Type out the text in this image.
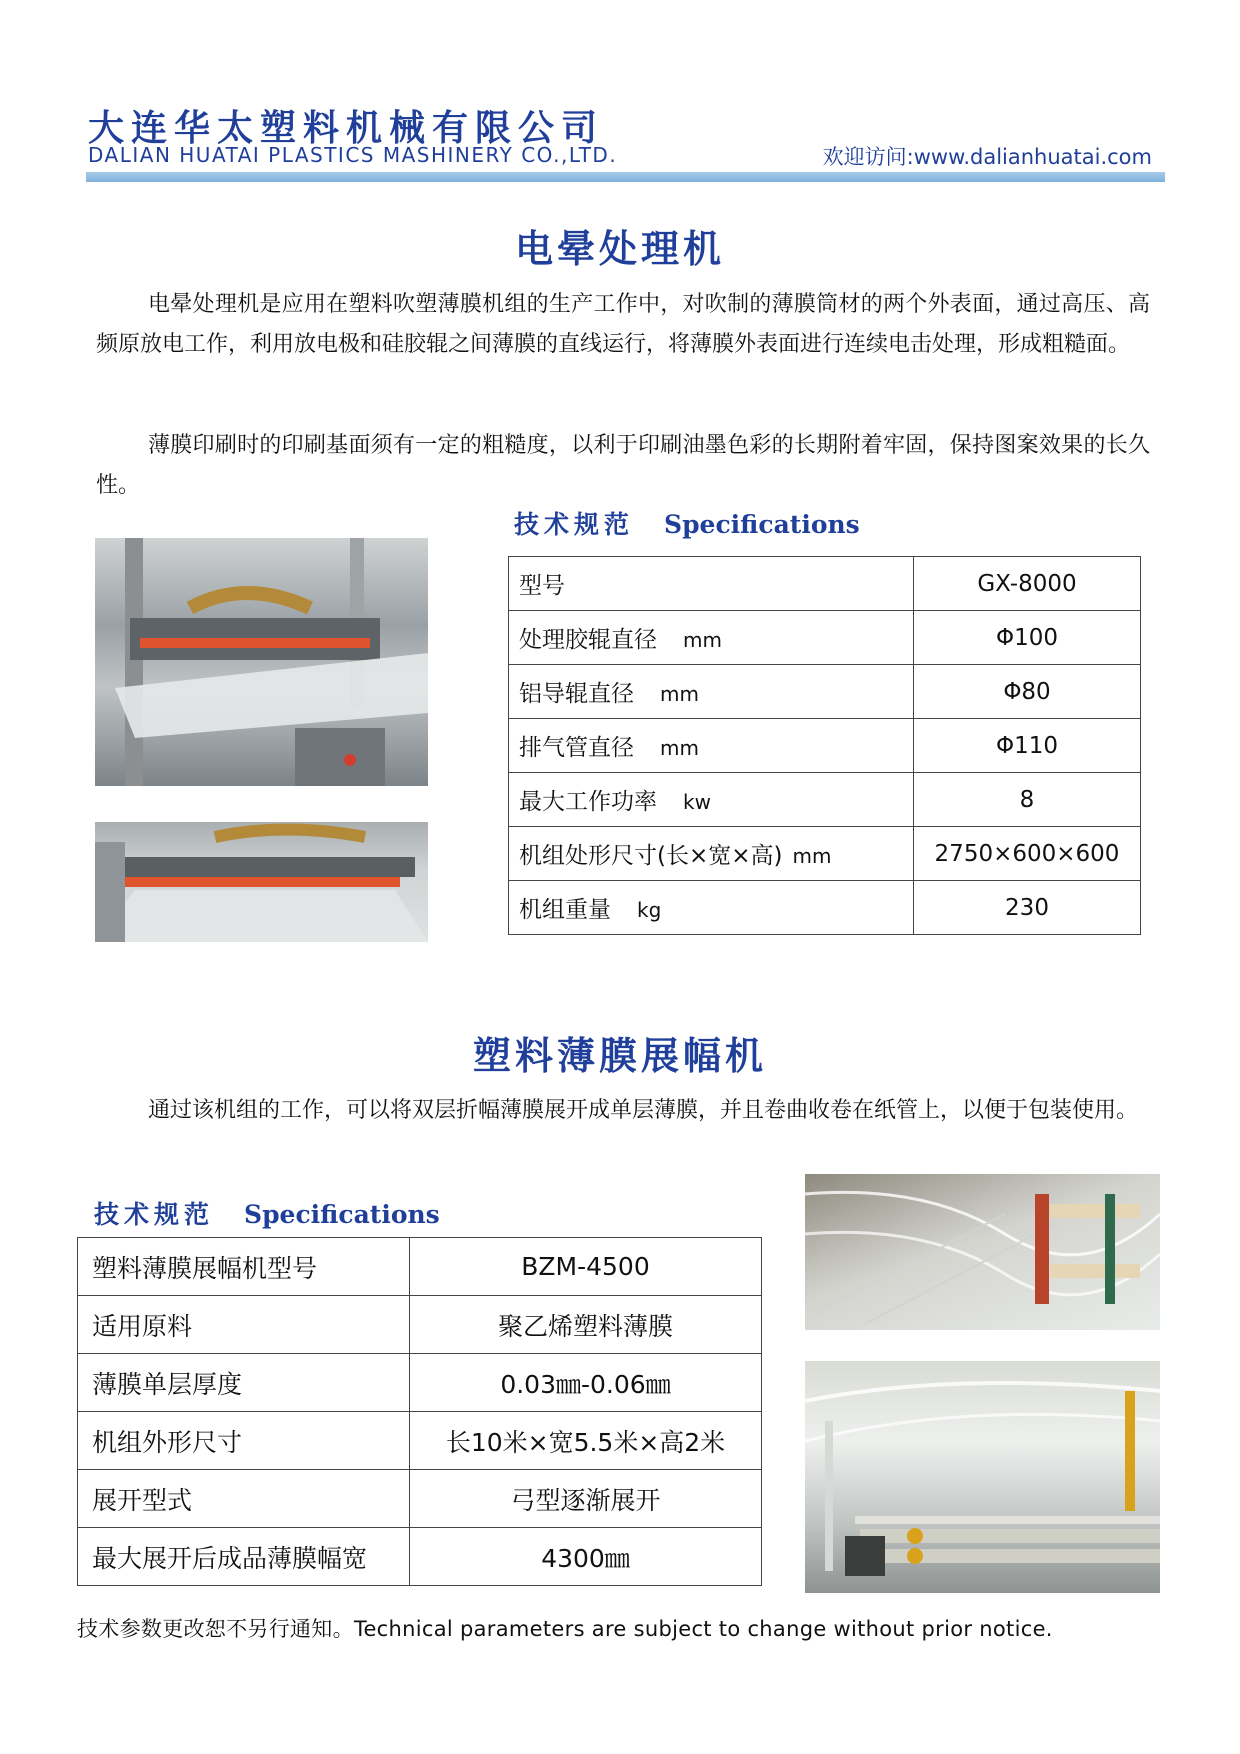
大连华太塑料机械有限公司
DALIAN HUATAI PLASTICS MASHINERY CO.,LTD.	欢迎访问:www.dalianhuatai.com
电晕处理机
电晕处理机是应用在塑料吹塑薄膜机组的生产工作中，对吹制的薄膜筒材的两个外表面，通过高压、高频原放电工作，利用放电极和硅胶辊之间薄膜的直线运行，将薄膜外表面进行连续电击处理，形成粗糙面。
薄膜印刷时的印刷基面须有一定的粗糙度，以利于印刷油墨色彩的长期附着牢固，保持图案效果的长久性。
技术规范 Specifications
型号	GX-8000
处理胶辊直径 mm	Φ100
铝导辊直径 mm	Φ80
排气管直径 mm	Φ110
最大工作功率 kw	8
机组处形尺寸(长×宽×高) mm	2750×600×600
机组重量 kg	230
塑料薄膜展幅机
通过该机组的工作，可以将双层折幅薄膜展开成单层薄膜，并且卷曲收卷在纸管上，以便于包装使用。
技术规范 Specifications
塑料薄膜展幅机型号	BZM-4500
适用原料	聚乙烯塑料薄膜
薄膜单层厚度	0.03㎜-0.06㎜
机组外形尺寸	长10米×宽5.5米×高2米
展开型式	弓型逐渐展开
最大展开后成品薄膜幅宽	4300㎜
技术参数更改恕不另行通知。Technical parameters are subject to change without prior notice.
